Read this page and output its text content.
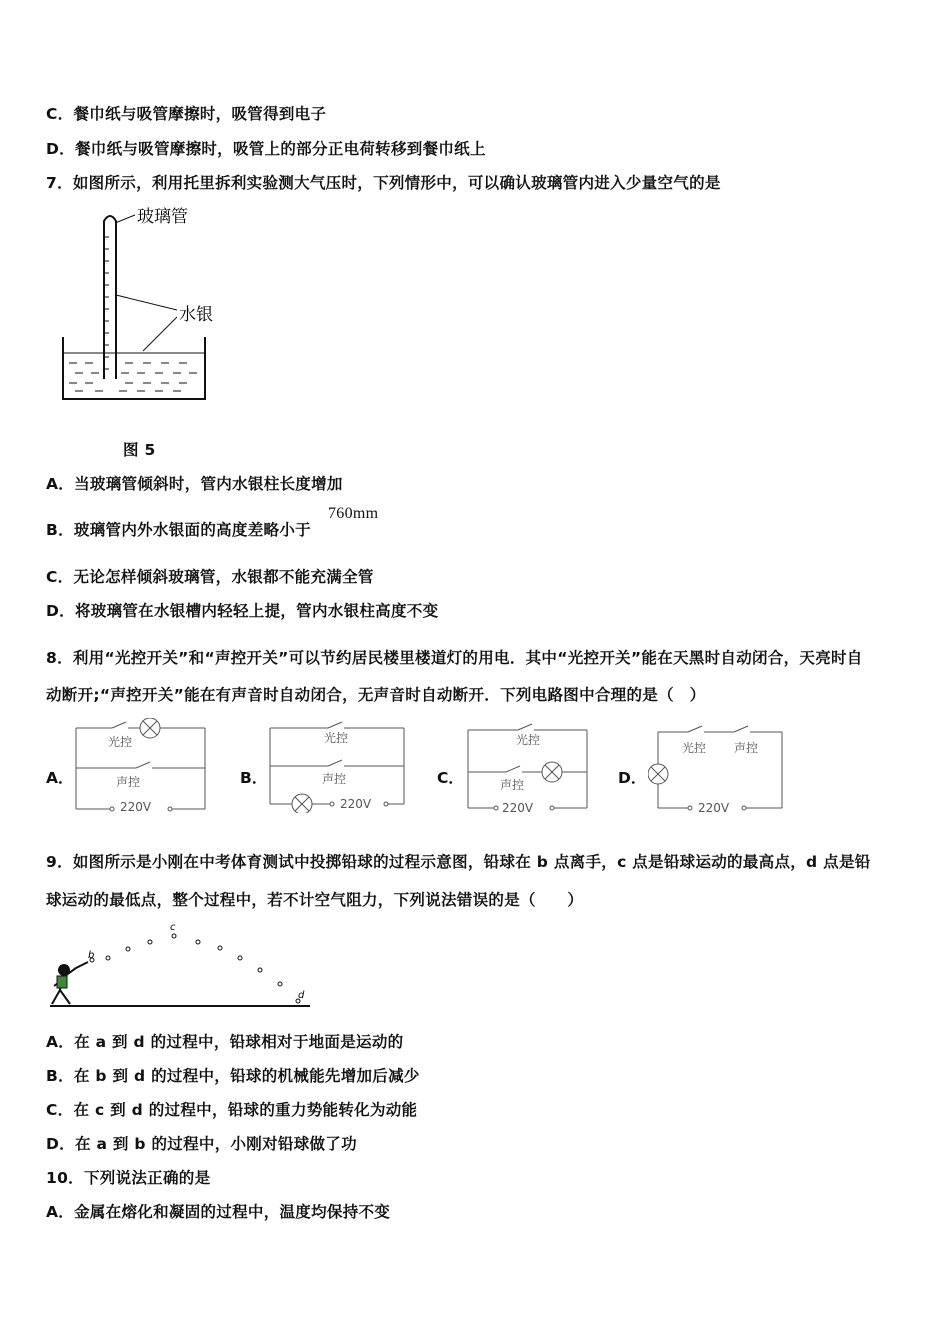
C．餐巾纸与吸管摩擦时，吸管得到电子
D．餐巾纸与吸管摩擦时，吸管上的部分正电荷转移到餐巾纸上
7．如图所示，利用托里拆利实验测大气压时，下列情形中，可以确认玻璃管内进入少量空气的是
玻璃管
水银
图 5
A．当玻璃管倾斜时，管内水银柱长度增加
B．玻璃管内外水银面的高度差略小于
760mm
C．无论怎样倾斜玻璃管，水银都不能充满全管
D．将玻璃管在水银槽内轻轻上提，管内水银柱高度不变
8．利用“光控开关”和“声控开关”可以节约居民楼里楼道灯的用电．其中“光控开关”能在天黑时自动闭合，天亮时自
动断开;“声控开关”能在有声音时自动闭合，无声音时自动断开．下列电路图中合理的是（　）
A．	B．	C．	D．
光控
声控
220V
光控
声控
220V
光控
声控
220V
光控 声控
220V
9．如图所示是小刚在中考体育测试中投掷铅球的过程示意图，铅球在 b 点离手，c 点是铅球运动的最高点，d 点是铅
球运动的最低点，整个过程中，若不计空气阻力，下列说法错误的是（　　）
b
c
d
A．在 a 到 d 的过程中，铅球相对于地面是运动的
B．在 b 到 d 的过程中，铅球的机械能先增加后减少
C．在 c 到 d 的过程中，铅球的重力势能转化为动能
D．在 a 到 b 的过程中，小刚对铅球做了功
10．下列说法正确的是
A．金属在熔化和凝固的过程中，温度均保持不变
